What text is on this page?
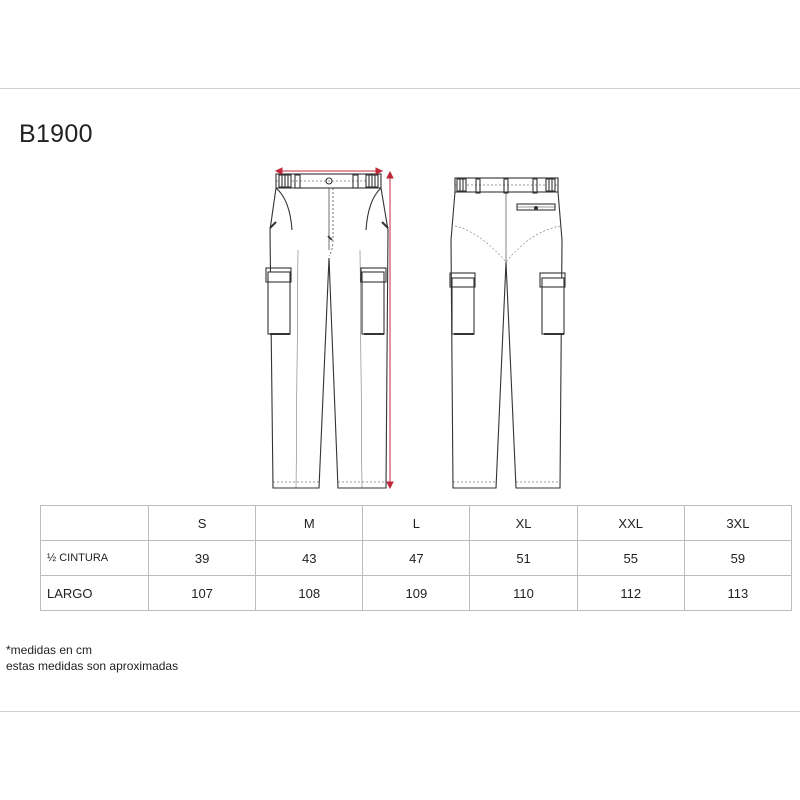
B1900
	S	M	L	XL	XXL	3XL
½ CINTURA	39	43	47	51	55	59
LARGO	107	108	109	110	112	113
*medidas en cm
estas medidas son aproximadas
